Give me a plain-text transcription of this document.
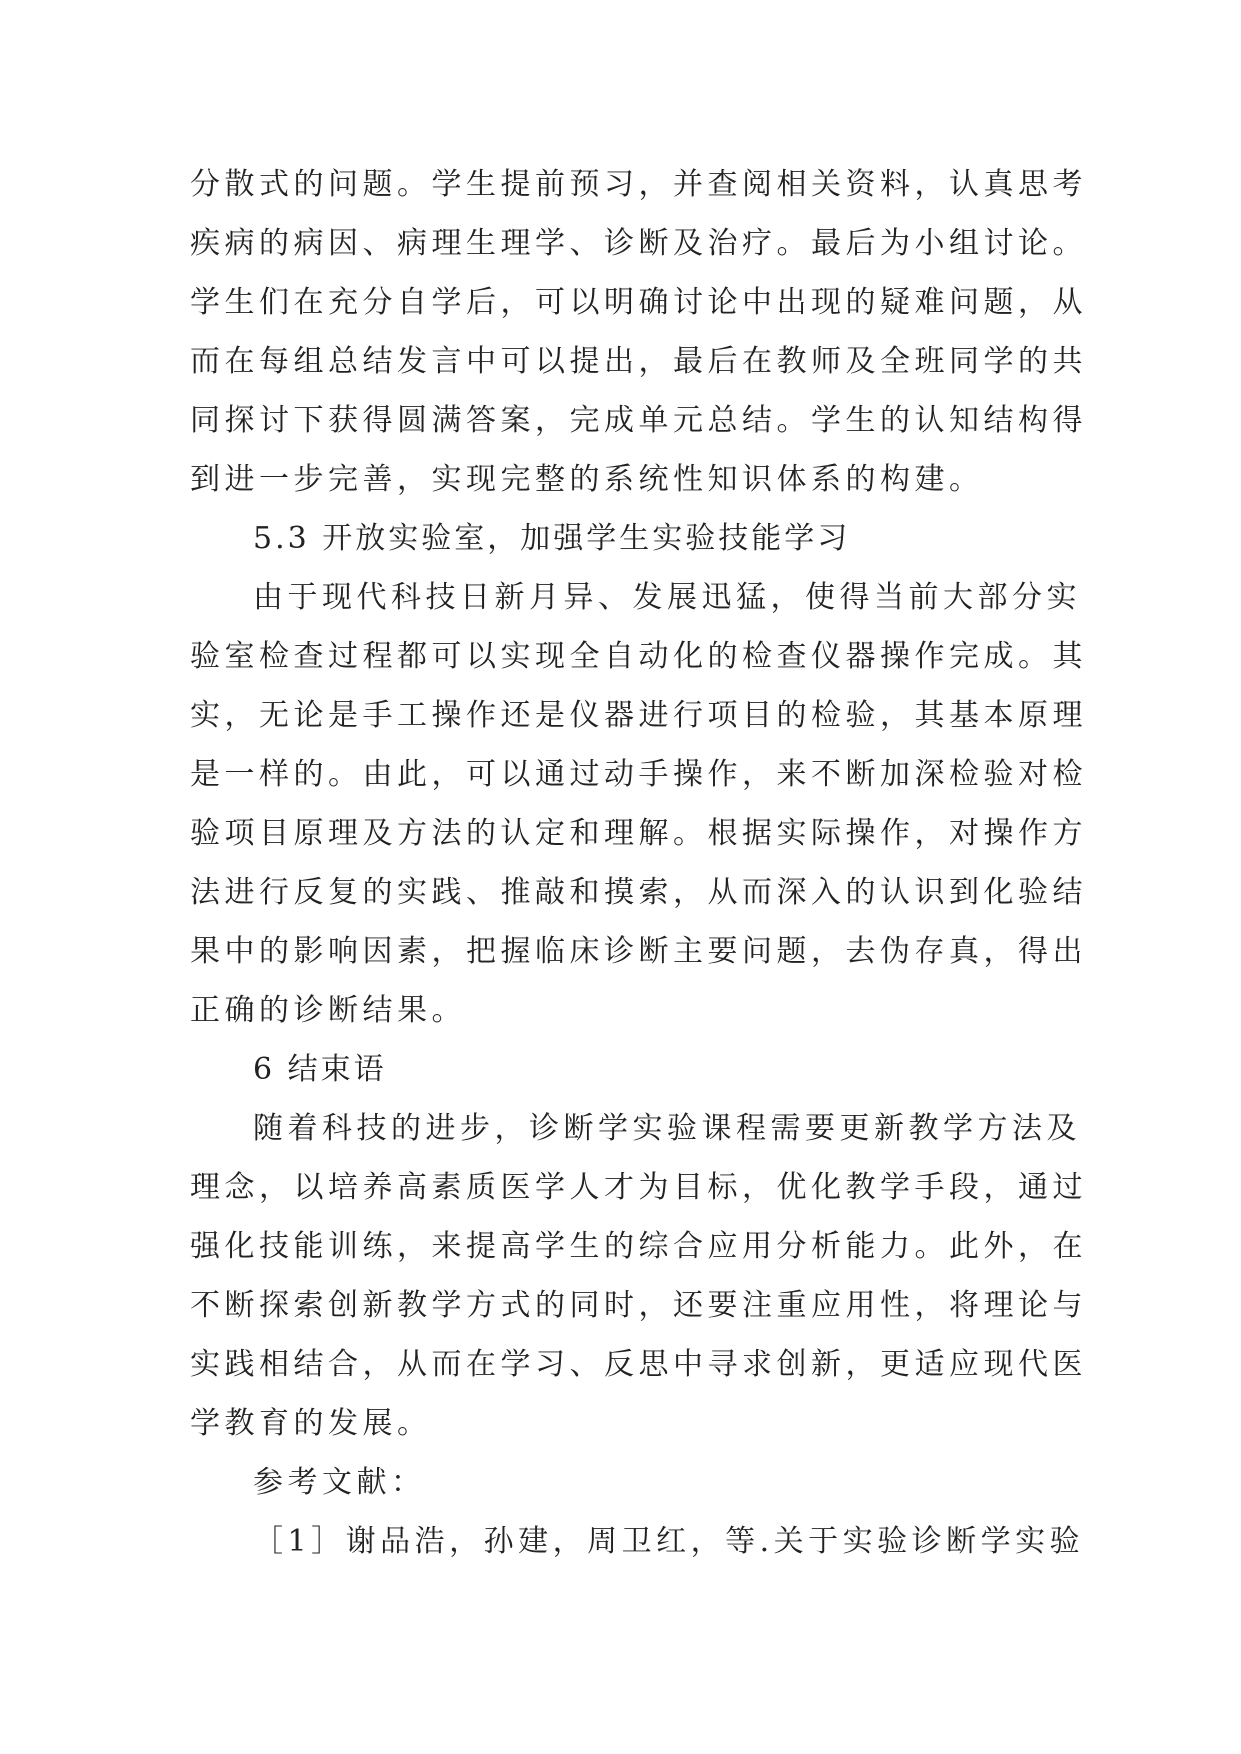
分散式的问题。学生提前预习，并查阅相关资料，认真思考
疾病的病因、病理生理学、诊断及治疗。最后为小组讨论。
学生们在充分自学后，可以明确讨论中出现的疑难问题，从
而在每组总结发言中可以提出，最后在教师及全班同学的共
同探讨下获得圆满答案，完成单元总结。学生的认知结构得
到进一步完善，实现完整的系统性知识体系的构建。
5.3 开放实验室，加强学生实验技能学习
由于现代科技日新月异、发展迅猛，使得当前大部分实
验室检查过程都可以实现全自动化的检查仪器操作完成。其
实，无论是手工操作还是仪器进行项目的检验，其基本原理
是一样的。由此，可以通过动手操作，来不断加深检验对检
验项目原理及方法的认定和理解。根据实际操作，对操作方
法进行反复的实践、推敲和摸索，从而深入的认识到化验结
果中的影响因素，把握临床诊断主要问题，去伪存真，得出
正确的诊断结果。
6 结束语
随着科技的进步，诊断学实验课程需要更新教学方法及
理念，以培养高素质医学人才为目标，优化教学手段，通过
强化技能训练，来提高学生的综合应用分析能力。此外，在
不断探索创新教学方式的同时，还要注重应用性，将理论与
实践相结合，从而在学习、反思中寻求创新，更适应现代医
学教育的发展。
参考文献：
［1］谢品浩，孙建，周卫红，等.关于实验诊断学实验
